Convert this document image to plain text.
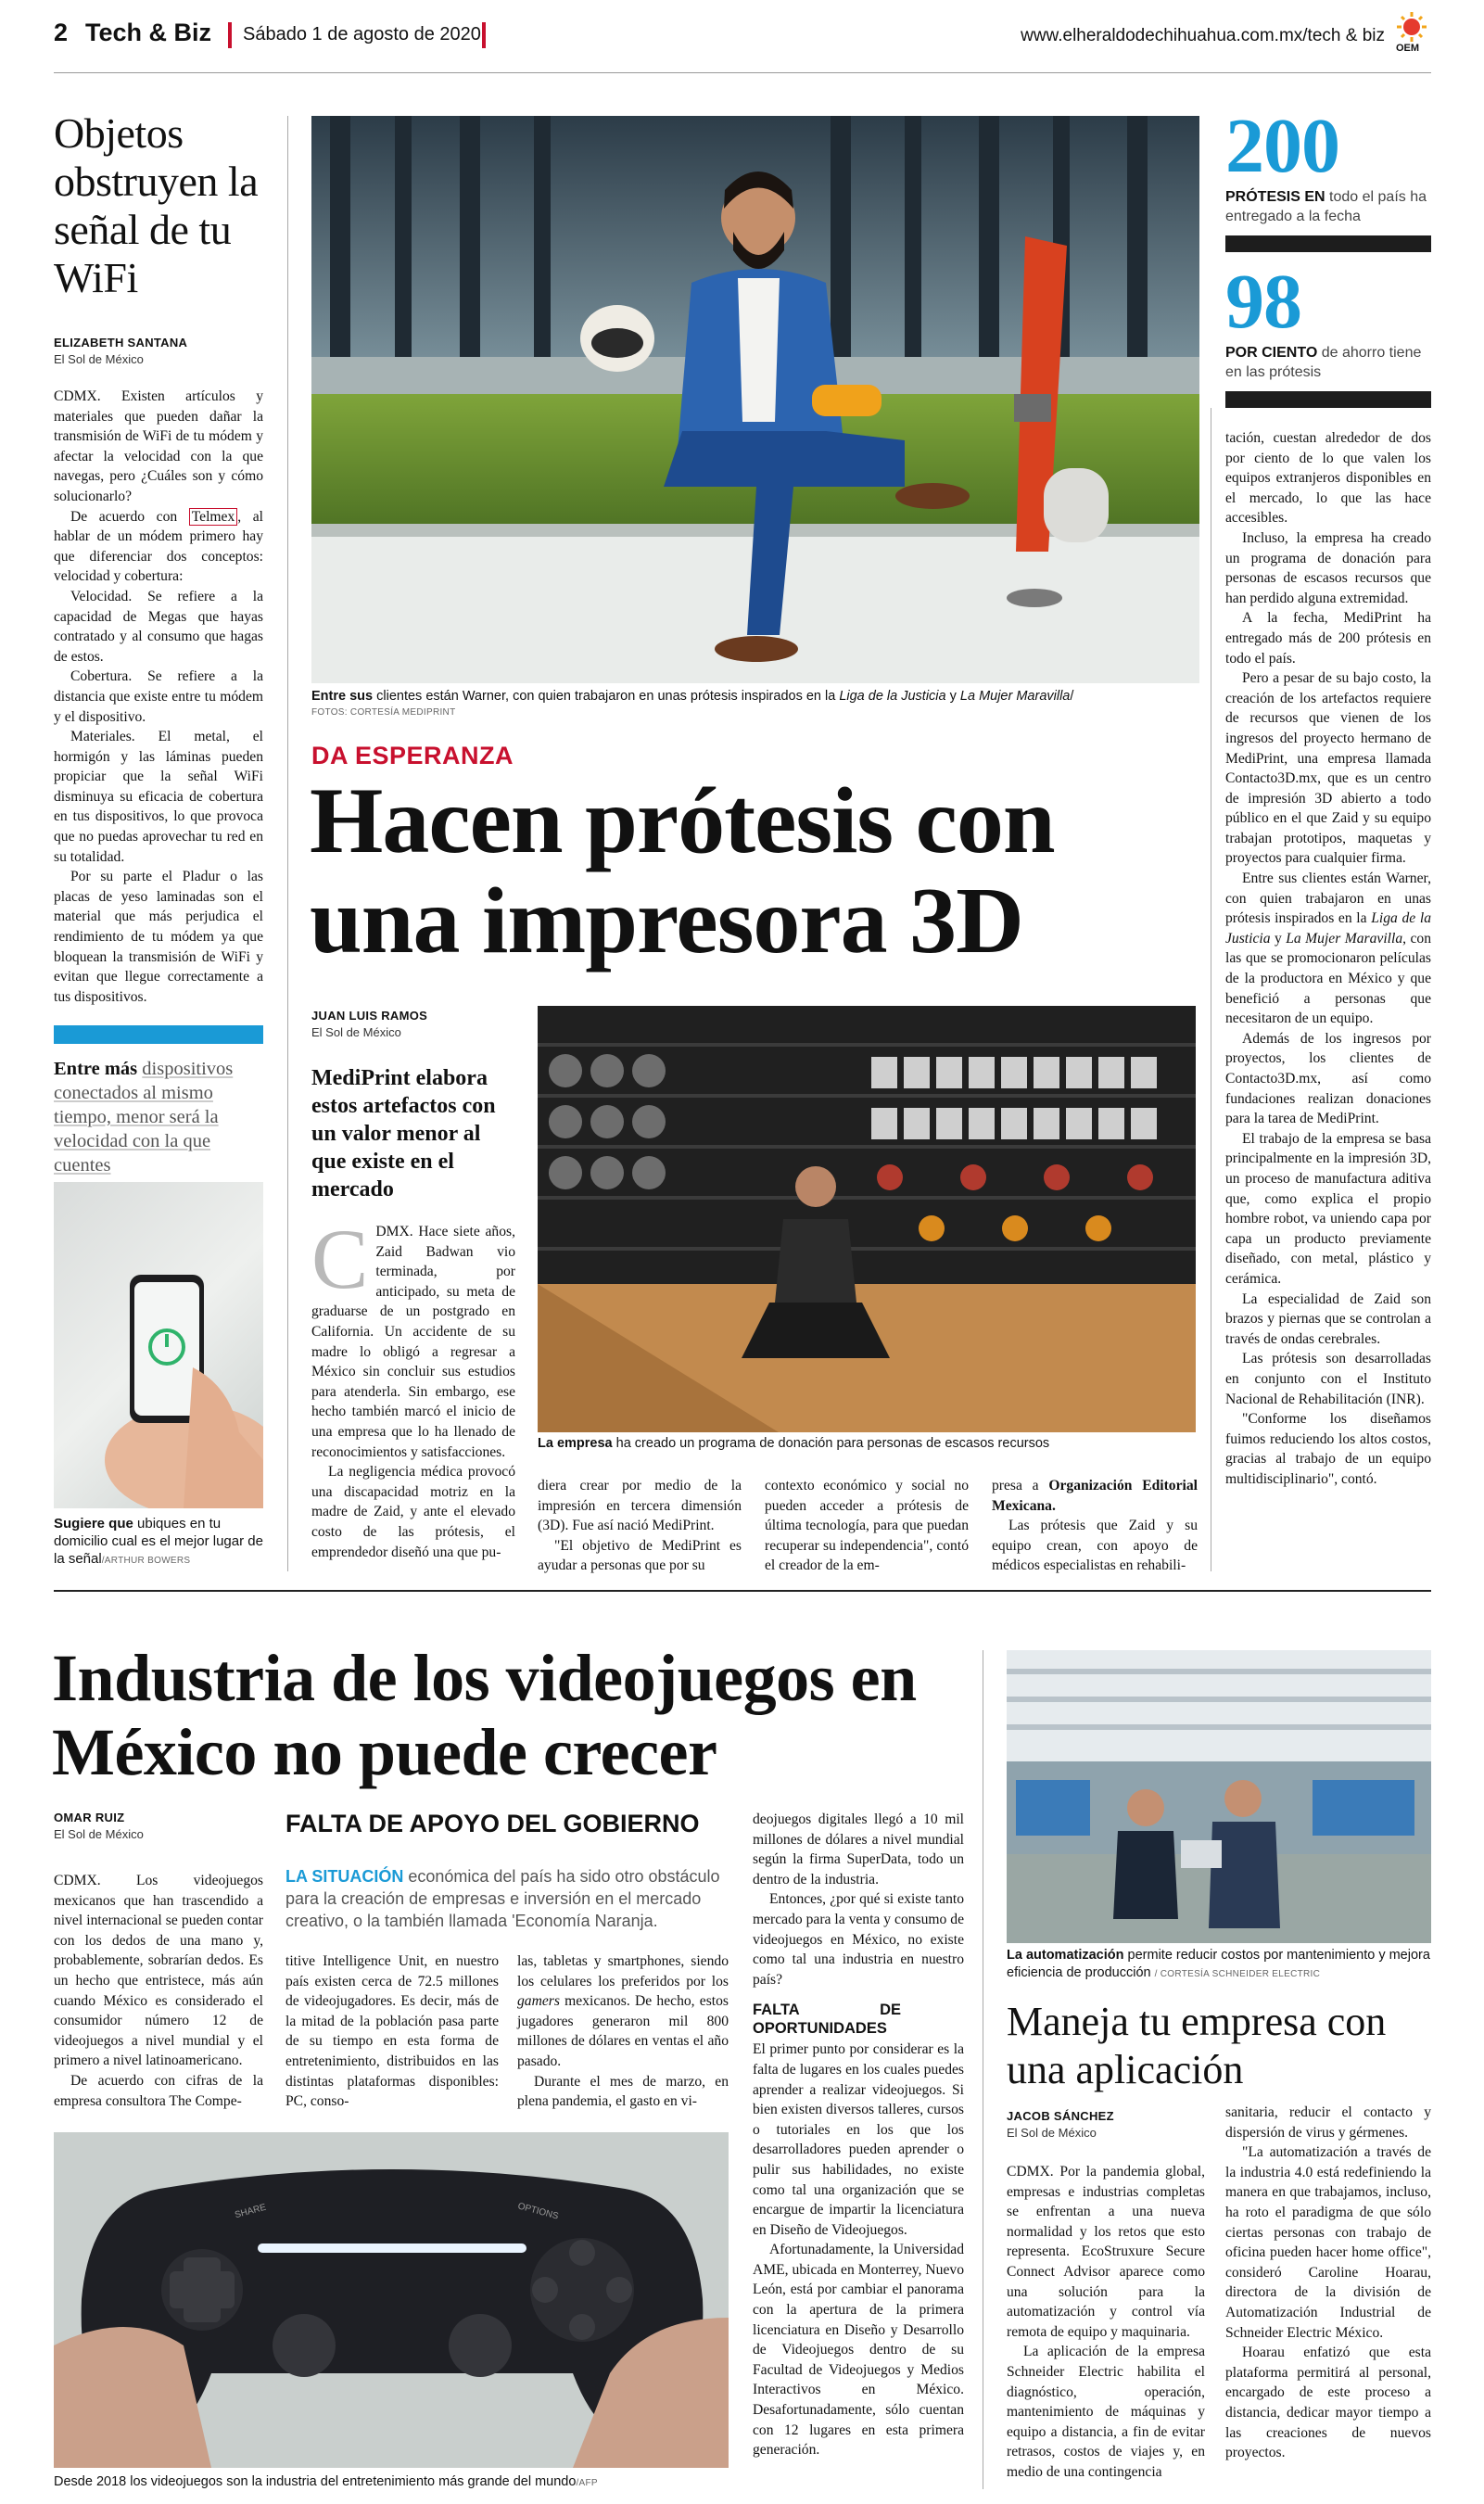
2 Tech & Biz Sábado 1 de agosto de 2020	www.elheraldodechihuahua.com.mx/tech & biz
OEM
Objetos obstruyen la señal de tu WiFi
ELIZABETH SANTANA
El Sol de México

CDMX. Existen artículos y materiales que pueden dañar la transmisión de WiFi de tu módem y afectar la velocidad con la que navegas, pero ¿Cuáles son y cómo solucionarlo?

De acuerdo con Telmex , al hablar de un módem primero hay que diferenciar dos conceptos: velocidad y cobertura:

Velocidad. Se refiere a la capacidad de Megas que hayas contratado y al consumo que hagas de estos.

Cobertura. Se refiere a la distancia que existe entre tu módem y el dispositivo.

Materiales. El metal, el hormigón y las láminas pueden propiciar que la señal WiFi disminuya su eficacia de cobertura en tus dispositivos, lo que provoca que no puedas aprovechar tu red en su totalidad.

Por su parte el Pladur o las placas de yeso laminadas son el material que más perjudica el rendimiento de tu módem ya que bloquean la transmisión de WiFi y evitan que llegue correctamente a tus dispositivos.

Entre más dispositivos conectados al mismo tiempo, menor será la velocidad con la que cuentes
Sugiere que ubiques en tu domicilio cual es el mejor lugar de la señal/ARTHUR BOWERS
Entre sus clientes están Warner, con quien trabajaron en unas prótesis inspirados en la Liga de la Justicia y La Mujer Maravilla/
FOTOS: CORTESÍA MEDIPRINT
200
PRÓTESIS EN todo el país ha entregado a la fecha
98
POR CIENTO de ahorro tiene en las prótesis
DA ESPERANZA
Hacen prótesis con una impresora 3D
JUAN LUIS RAMOS
El Sol de México
MediPrint elabora estos artefactos con un valor menor al que existe en el mercado
La empresa ha creado un programa de donación para personas de escasos recursos
C DMX. Hace siete años, Zaid Badwan vio terminada, por anticipado, su meta de graduarse de un postgrado en California. Un accidente de su madre lo obligó a regresar a México sin concluir sus estudios para atenderla. Sin embargo, ese hecho también marcó el inicio de una empresa que lo ha llenado de reconocimientos y satisfacciones.

La negligencia médica provocó una discapacidad motriz en la madre de Zaid, y ante el elevado costo de las prótesis, el emprendedor diseñó una que pu-

diera crear por medio de la impresión en tercera dimensión (3D). Fue así nació MediPrint.

"El objetivo de MediPrint es ayudar a personas que por su

contexto económico y social no pueden acceder a prótesis de última tecnología, para que puedan recuperar su independencia", contó el creador de la em-

presa a Organización Editorial Mexicana.

Las prótesis que Zaid y su equipo crean, con apoyo de médicos especialistas en rehabili-

tación, cuestan alrededor de dos por ciento de lo que valen los equipos extranjeros disponibles en el mercado, lo que las hace accesibles.

Incluso, la empresa ha creado un programa de donación para personas de escasos recursos que han perdido alguna extremidad.

A la fecha, MediPrint ha entregado más de 200 prótesis en todo el país.

Pero a pesar de su bajo costo, la creación de los artefactos requiere de recursos que vienen de los ingresos del proyecto hermano de MediPrint, una empresa llamada Contacto3D.mx, que es un centro de impresión 3D abierto a todo público en el que Zaid y su equipo trabajan prototipos, maquetas y proyectos para cualquier firma.

Entre sus clientes están Warner, con quien trabajaron en unas prótesis inspirados en la Liga de la Justicia y La Mujer Maravilla, con las que se promocionaron películas de la productora en México y que benefició a personas que necesitaron de un equipo.

Además de los ingresos por proyectos, los clientes de Contacto3D.mx, así como fundaciones realizan donaciones para la tarea de MediPrint.

El trabajo de la empresa se basa principalmente en la impresión 3D, un proceso de manufactura aditiva que, como explica el propio hombre robot, va uniendo capa por capa un producto previamente diseñado, con metal, plástico y cerámica.

La especialidad de Zaid son brazos y piernas que se controlan a través de ondas cerebrales.

Las prótesis son desarrolladas en conjunto con el Instituto Nacional de Rehabilitación (INR).

"Conforme los diseñamos fuimos reduciendo los altos costos, gracias al trabajo de un equipo multidisciplinario", contó.

Industria de los videojuegos en México no puede crecer
OMAR RUIZ
El Sol de México	FALTA DE APOYO DEL GOBIERNO
LA SITUACIÓN económica del país ha sido otro obstáculo para la creación de empresas e inversión en el mercado creativo, o la también llamada 'Economía Naranja.

CDMX. Los videojuegos mexicanos que han trascendido a nivel internacional se pueden contar con los dedos de una mano y, probablemente, sobrarían dedos. Es un hecho que entristece, más aún cuando México es considerado el consumidor número 12 de videojuegos a nivel mundial y el primero a nivel latinoamericano.

De acuerdo con cifras de la empresa consultora The Compe-

titive Intelligence Unit, en nuestro país existen cerca de 72.5 millones de videojugadores. Es decir, más de la mitad de la población pasa parte de su tiempo en esta forma de entretenimiento, distribuidos en las distintas plataformas disponibles: PC, conso-

las, tabletas y smartphones, siendo los celulares los preferidos por los gamers mexicanos. De hecho, estos jugadores generaron mil 800 millones de dólares en ventas el año pasado.

Durante el mes de marzo, en plena pandemia, el gasto en vi-

deojuegos digitales llegó a 10 mil millones de dólares a nivel mundial según la firma SuperData, todo un dentro de la industria.

Entonces, ¿por qué si existe tanto mercado para la venta y consumo de videojuegos en México, no existe como tal una industria en nuestro país?

FALTA DE OPORTUNIDADES

El primer punto por considerar es la falta de lugares en los cuales puedes aprender a realizar videojuegos. Si bien existen diversos talleres, cursos o tutoriales en los que los desarrolladores pueden aprender o pulir sus habilidades, no existe como tal una organización que se encargue de impartir la licenciatura en Diseño de Videojuegos.

Afortunadamente, la Universidad AME, ubicada en Monterrey, Nuevo León, está por cambiar el panorama con la apertura de la primera licenciatura en Diseño y Desarrollo de Videojuegos dentro de su Facultad de Videojuegos y Medios Interactivos en México. Desafortunadamente, sólo cuentan con 12 lugares en esta primera generación.

SHARE	OPTIONS
Desde 2018 los videojuegos son la industria del entretenimiento más grande del mundo/AFP
La automatización permite reducir costos por mantenimiento y mejora eficiencia de producción / CORTESÍA SCHNEIDER ELECTRIC
Maneja tu empresa con una aplicación
JACOB SÁNCHEZ
El Sol de México

CDMX. Por la pandemia global, empresas e industrias completas se enfrentan a una nueva normalidad y los retos que esto representa. EcoStruxure Secure Connect Advisor aparece como una solución para la automatización y control vía remota de equipo y maquinaria.

La aplicación de la empresa Schneider Electric habilita el diagnóstico, operación, mantenimiento de máquinas y equipo a distancia, a fin de evitar retrasos, costos de viajes y, en medio de una contingencia

sanitaria, reducir el contacto y dispersión de virus y gérmenes.

"La automatización a través de la industria 4.0 está redefiniendo la manera en que trabajamos, incluso, ha roto el paradigma de que sólo ciertas personas con trabajo de oficina pueden hacer home office", consideró Caroline Hoarau, directora de la división de Automatización Industrial de Schneider Electric México.

Hoarau enfatizó que esta plataforma permitirá al personal, encargado de este proceso a distancia, dedicar mayor tiempo a las creaciones de nuevos proyectos.
